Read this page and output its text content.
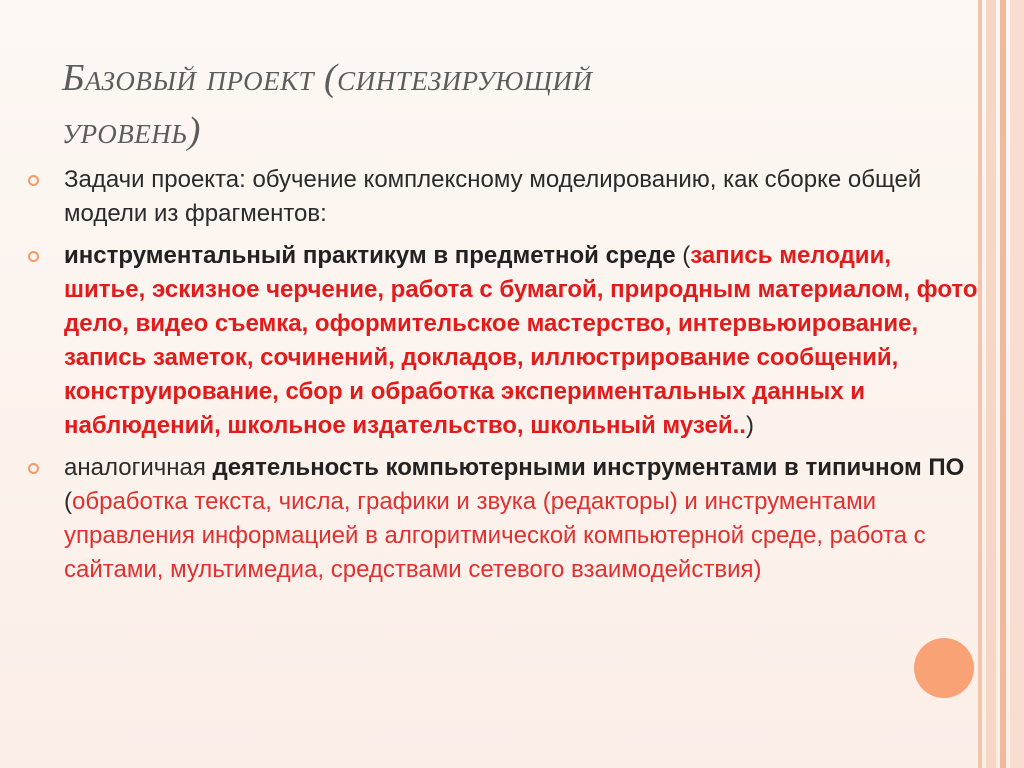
Базовый проект (синтезирующий
уровень)
Задачи проекта: обучение комплексному моделированию, как сборке общей модели из фрагментов:
инструментальный практикум в предметной среде (запись мелодии, шитье, эскизное черчение, работа с бумагой, природным материалом, фото дело, видео съемка, оформительское мастерство, интервьюирование, запись заметок, сочинений, докладов, иллюстрирование сообщений, конструирование, сбор и обработка экспериментальных данных и наблюдений, школьное издательство, школьный музей..)
аналогичная деятельность компьютерными инструментами в типичном ПО (обработка текста, числа, графики и звука (редакторы) и инструментами управления информацией в алгоритмической компьютерной среде, работа с сайтами, мультимедиа, средствами сетевого взаимодействия)
